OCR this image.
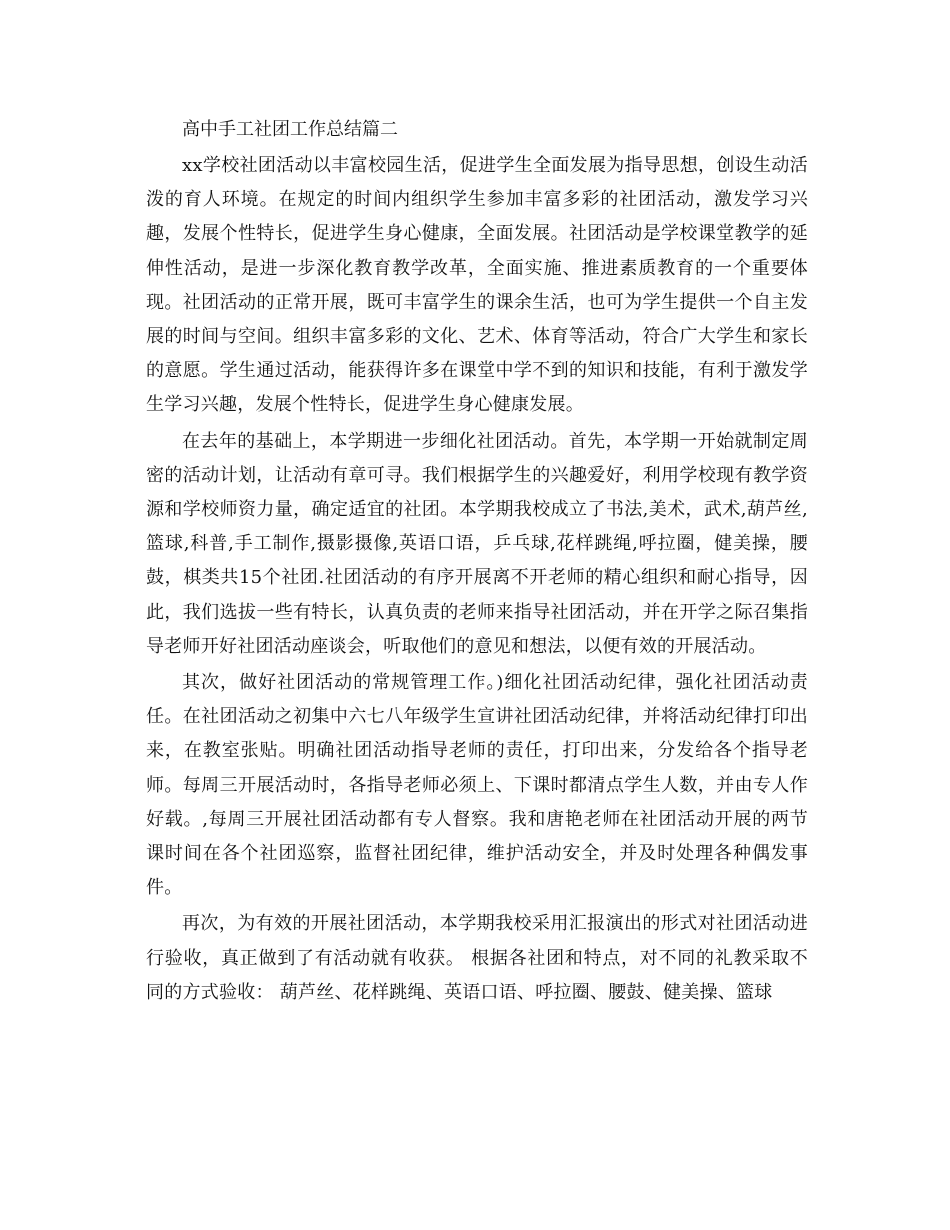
高中手工社团工作总结篇二

xx学校社团活动以丰富校园生活，促进学生全面发展为指导思想，创设生动活泼的育人环境。在规定的时间内组织学生参加丰富多彩的社团活动，激发学习兴趣，发展个性特长，促进学生身心健康，全面发展。社团活动是学校课堂教学的延伸性活动，是进一步深化教育教学改革，全面实施、推进素质教育的一个重要体现。社团活动的正常开展，既可丰富学生的课余生活，也可为学生提供一个自主发展的时间与空间。组织丰富多彩的文化、艺术、体育等活动，符合广大学生和家长的意愿。学生通过活动，能获得许多在课堂中学不到的知识和技能，有利于激发学生学习兴趣，发展个性特长，促进学生身心健康发展。

在去年的基础上，本学期进一步细化社团活动。首先，本学期一开始就制定周密的活动计划，让活动有章可寻。我们根据学生的兴趣爱好，利用学校现有教学资源和学校师资力量，确定适宜的社团。本学期我校成立了书法,美术，武术,葫芦丝,篮球,科普,手工制作,摄影摄像,英语口语，乒乓球,花样跳绳,呼拉圈，健美操，腰鼓，棋类共15个社团.社团活动的有序开展离不开老师的精心组织和耐心指导，因此，我们选拔一些有特长，认真负责的老师来指导社团活动，并在开学之际召集指导老师开好社团活动座谈会，听取他们的意见和想法，以便有效的开展活动。

其次，做好社团活动的常规管理工作。)细化社团活动纪律，强化社团活动责任。在社团活动之初集中六七八年级学生宣讲社团活动纪律，并将活动纪律打印出来，在教室张贴。明确社团活动指导老师的责任，打印出来，分发给各个指导老师。每周三开展活动时，各指导老师必须上、下课时都清点学生人数，并由专人作好载。,每周三开展社团活动都有专人督察。我和唐艳老师在社团活动开展的两节课时间在各个社团巡察，监督社团纪律，维护活动安全，并及时处理各种偶发事件。

再次，为有效的开展社团活动，本学期我校采用汇报演出的形式对社团活动进行验收，真正做到了有活动就有收获。 根据各社团和特点，对不同的礼教采取不同的方式验收： 葫芦丝、花样跳绳、英语口语、呼拉圈、腰鼓、健美操、篮球
